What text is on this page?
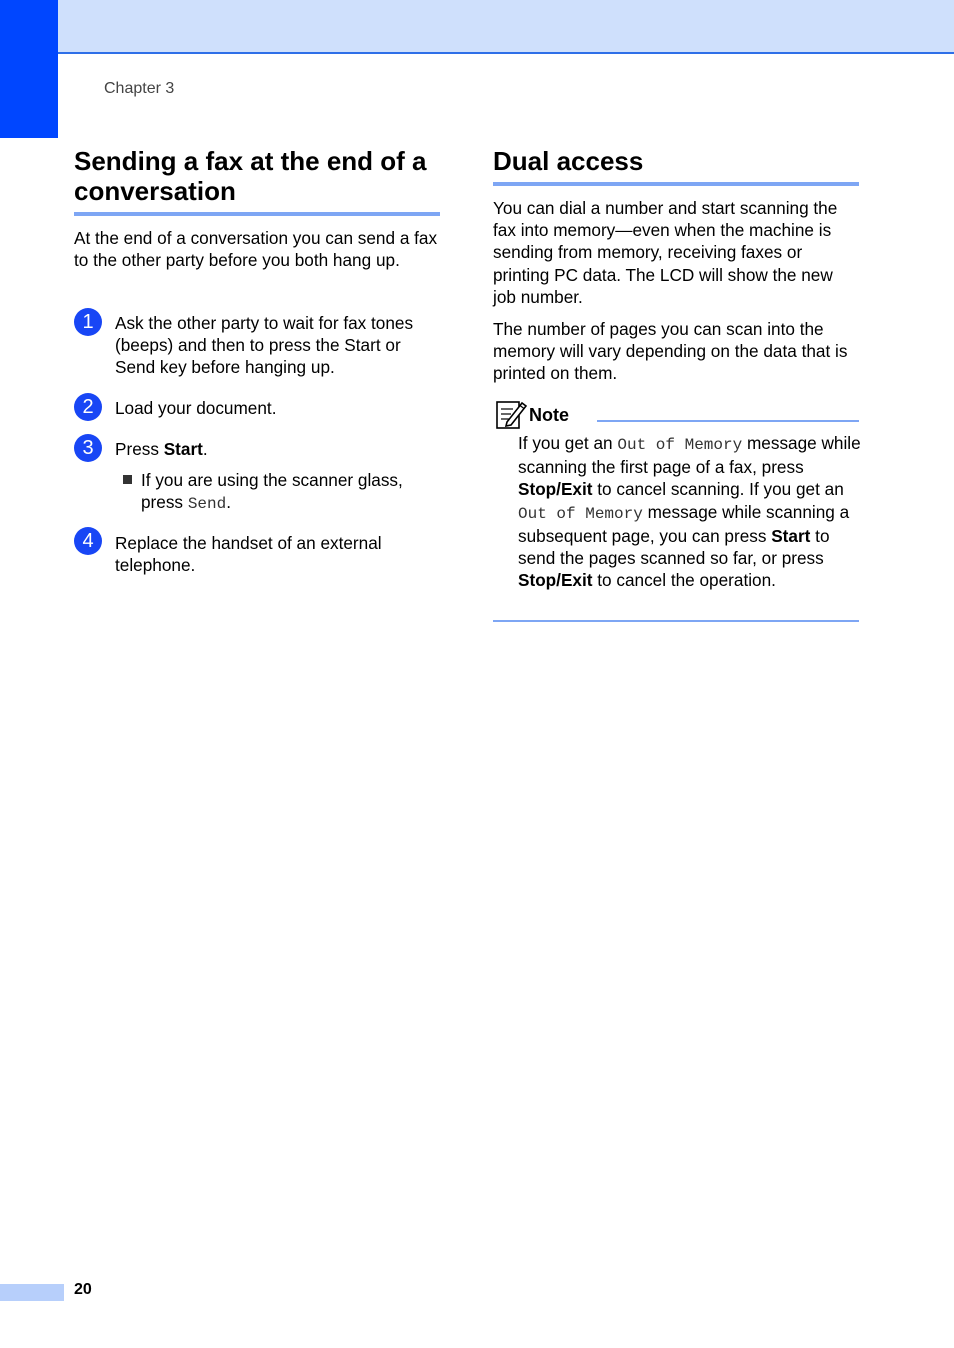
Chapter 3
Sending a fax at the end of a conversation

At the end of a conversation you can send a fax to the other party before you both hang up.

1	Ask the other party to wait for fax tones (beeps) and then to press the Start or Send key before hanging up.
2	Load your document.
3	Press Start.
If you are using the scanner glass, press Send.
4	Replace the handset of an external telephone.
Dual access

You can dial a number and start scanning the fax into memory—even when the machine is sending from memory, receiving faxes or printing PC data. The LCD will show the new job number.

The number of pages you can scan into the memory will vary depending on the data that is printed on them.

Note
If you get an Out of Memory message while scanning the first page of a fax, press Stop/Exit to cancel scanning. If you get an Out of Memory message while scanning a subsequent page, you can press Start to send the pages scanned so far, or press Stop/Exit to cancel the operation.
20
